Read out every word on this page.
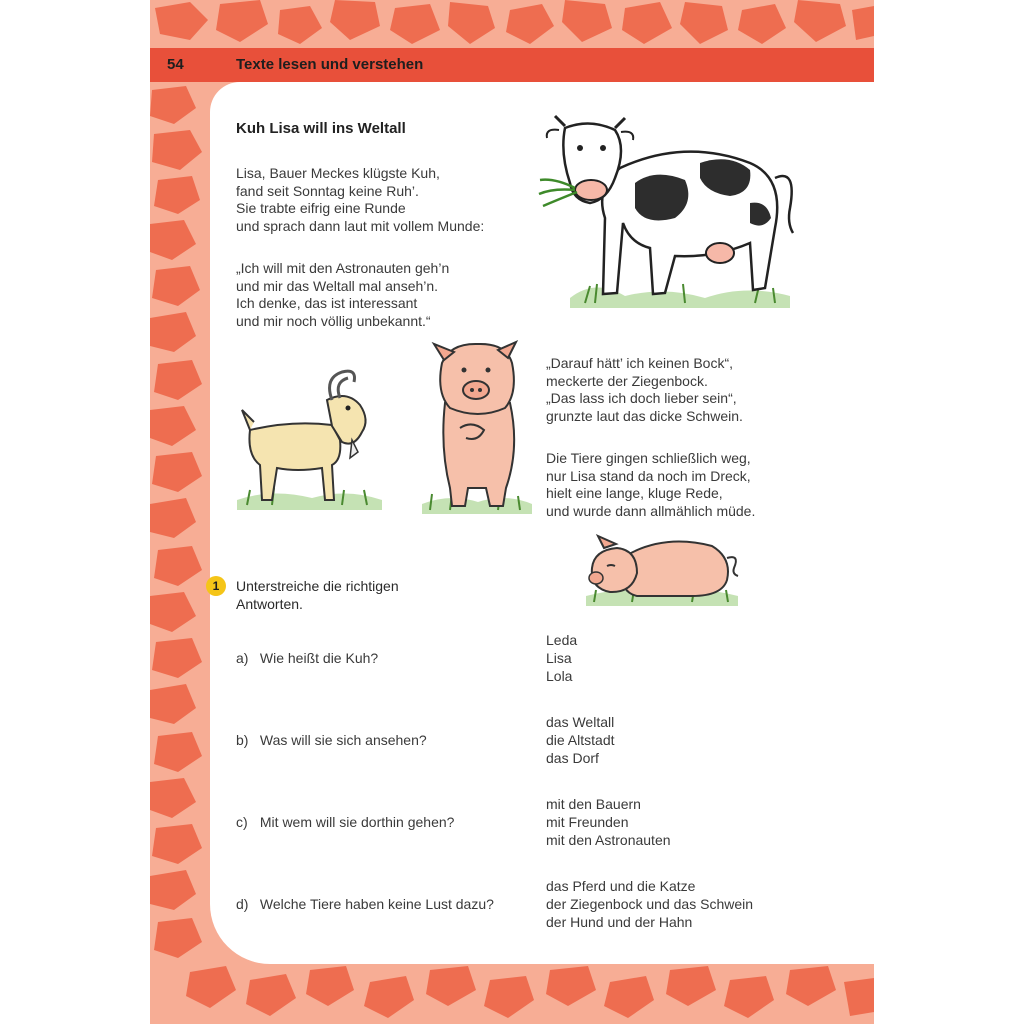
54	Texte lesen und verstehen
Kuh Lisa will ins Weltall
Lisa, Bauer Meckes klügste Kuh,
fand seit Sonntag keine Ruh’.
Sie trabte eifrig eine Runde
und sprach dann laut mit vollem Munde:
„Ich will mit den Astronauten geh’n
und mir das Weltall mal anseh’n.
Ich denke, das ist interessant
und mir noch völlig unbekannt.“
„Darauf hätt’ ich keinen Bock“,
meckerte der Ziegenbock.
„Das lass ich doch lieber sein“,
grunzte laut das dicke Schwein.
Die Tiere gingen schließlich weg,
nur Lisa stand da noch im Dreck,
hielt eine lange, kluge Rede,
und wurde dann allmählich müde.
1	Unterstreiche die richtigen
Antworten.
a) Wie heißt die Kuh?
Leda
Lisa
Lola
b) Was will sie sich ansehen?
das Weltall
die Altstadt
das Dorf
c) Mit wem will sie dorthin gehen?
mit den Bauern
mit Freunden
mit den Astronauten
d) Welche Tiere haben keine Lust dazu?
das Pferd und die Katze
der Ziegenbock und das Schwein
der Hund und der Hahn
